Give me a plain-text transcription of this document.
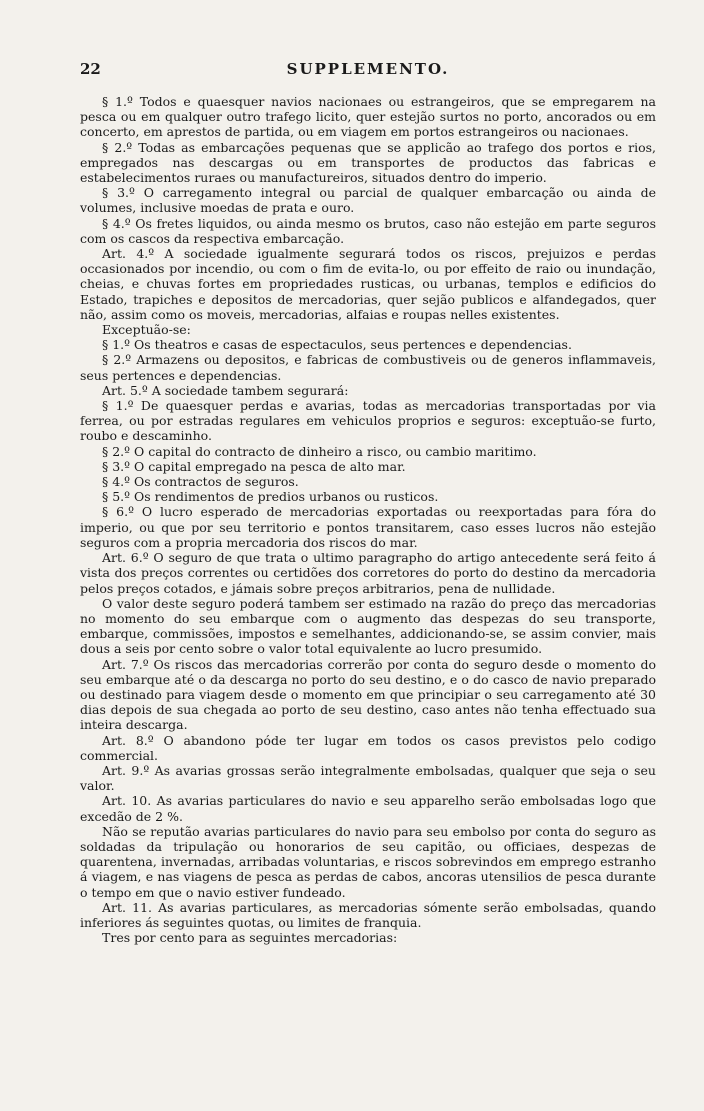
22	SUPPLEMENTO.

§ 1.º Todos e quaesquer navios nacionaes ou estrangeiros, que se empregarem na pesca ou em qualquer outro trafego licito, quer estejão surtos no porto, ancorados ou em concerto, em aprestos de partida, ou em viagem em portos estrangeiros ou nacionaes.

§ 2.º Todas as embarcações pequenas que se applicão ao trafego dos portos e rios, empregados nas descargas ou em transportes de productos das fabricas e estabelecimentos ruraes ou manufactureiros, situados dentro do imperio.

§ 3.º O carregamento integral ou parcial de qualquer embarcação ou ainda de volumes, inclusive moedas de prata e ouro.

§ 4.º Os fretes liquidos, ou ainda mesmo os brutos, caso não estejão em parte seguros com os cascos da respectiva embarcação.

Art. 4.º A sociedade igualmente segurará todos os riscos, prejuizos e perdas occasionados por incendio, ou com o fim de evita-lo, ou por effeito de raio ou inundação, cheias, e chuvas fortes em propriedades rusticas, ou urbanas, templos e edificios do Estado, trapiches e depositos de mercadorias, quer sejão publicos e alfandegados, quer não, assim como os moveis, mercadorias, alfaias e roupas nelles existentes.

Exceptuão-se:

§ 1.º Os theatros e casas de espectaculos, seus pertences e dependencias.

§ 2.º Armazens ou depositos, e fabricas de combustiveis ou de generos inflammaveis, seus pertences e dependencias.

Art. 5.º A sociedade tambem segurará:

§ 1.º De quaesquer perdas e avarias, todas as mercadorias transportadas por via ferrea, ou por estradas regulares em vehiculos proprios e seguros: exceptuão-se furto, roubo e descaminho.

§ 2.º O capital do contracto de dinheiro a risco, ou cambio maritimo.

§ 3.º O capital empregado na pesca de alto mar.

§ 4.º Os contractos de seguros.

§ 5.º Os rendimentos de predios urbanos ou rusticos.

§ 6.º O lucro esperado de mercadorias exportadas ou reexportadas para fóra do imperio, ou que por seu territorio e pontos transitarem, caso esses lucros não estejão seguros com a propria mercadoria dos riscos do mar.

Art. 6.º O seguro de que trata o ultimo paragrapho do artigo antecedente será feito á vista dos preços correntes ou certidões dos corretores do porto do destino da mercadoria pelos preços cotados, e jámais sobre preços arbitrarios, pena de nullidade.

O valor deste seguro poderá tambem ser estimado na razão do preço das mercadorias no momento do seu embarque com o augmento das despezas do seu transporte, embarque, commissões, impostos e semelhantes, addicionando-se, se assim convier, mais dous a seis por cento sobre o valor total equivalente ao lucro presumido.

Art. 7.º Os riscos das mercadorias correrão por conta do seguro desde o momento do seu embarque até o da descarga no porto do seu destino, e o do casco de navio preparado ou destinado para viagem desde o momento em que principiar o seu carregamento até 30 dias depois de sua chegada ao porto de seu destino, caso antes não tenha effectuado sua inteira descarga.

Art. 8.º O abandono póde ter lugar em todos os casos previstos pelo codigo commercial.

Art. 9.º As avarias grossas serão integralmente embolsadas, qualquer que seja o seu valor.

Art. 10. As avarias particulares do navio e seu apparelho serão embolsadas logo que excedão de 2 %.

Não se reputão avarias particulares do navio para seu embolso por conta do seguro as soldadas da tripulação ou honorarios de seu capitão, ou officiaes, despezas de quarentena, invernadas, arribadas voluntarias, e riscos sobrevindos em emprego estranho á viagem, e nas viagens de pesca as perdas de cabos, ancoras utensilios de pesca durante o tempo em que o navio estiver fundeado.

Art. 11. As avarias particulares, as mercadorias sómente serão embolsadas, quando inferiores ás seguintes quotas, ou limites de franquia.

Tres por cento para as seguintes mercadorias:
